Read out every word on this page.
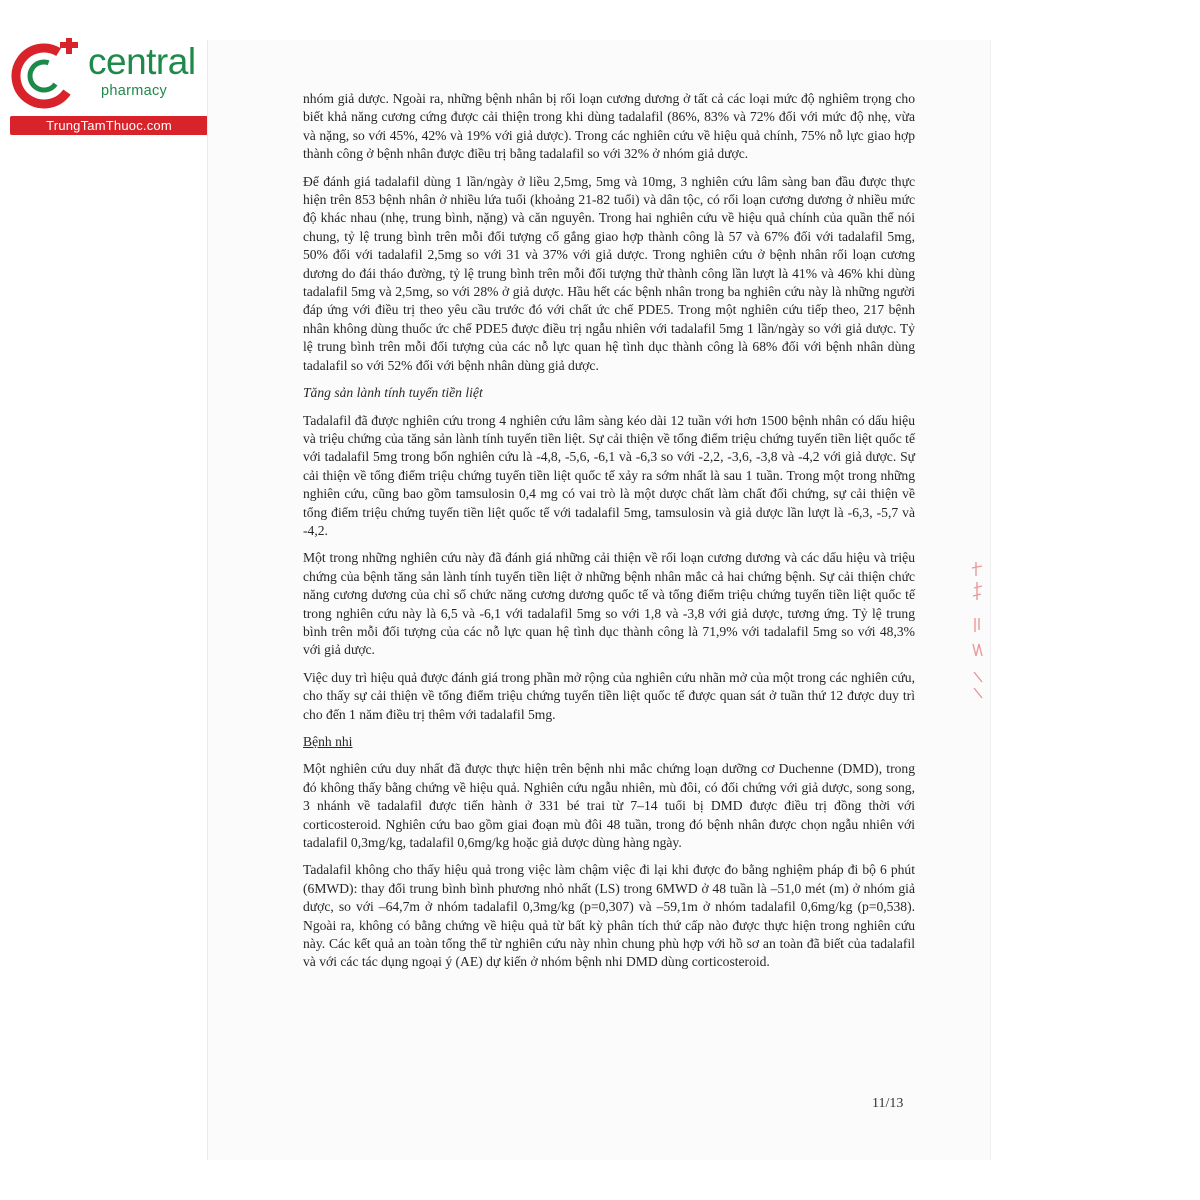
central
pharmacy
TrungTamThuoc.com

nhóm giả dược. Ngoài ra, những bệnh nhân bị rối loạn cương dương ở tất cả các loại mức độ nghiêm trọng cho biết khả năng cương cứng được cải thiện trong khi dùng tadalafil (86%, 83% và 72% đối với mức độ nhẹ, vừa và nặng, so với 45%, 42% và 19% với giả dược). Trong các nghiên cứu về hiệu quả chính, 75% nỗ lực giao hợp thành công ở bệnh nhân được điều trị bằng tadalafil so với 32% ở nhóm giả dược.

Để đánh giá tadalafil dùng 1 lần/ngày ở liều 2,5mg, 5mg và 10mg, 3 nghiên cứu lâm sàng ban đầu được thực hiện trên 853 bệnh nhân ở nhiều lứa tuổi (khoảng 21-82 tuổi) và dân tộc, có rối loạn cương dương ở nhiều mức độ khác nhau (nhẹ, trung bình, nặng) và căn nguyên. Trong hai nghiên cứu về hiệu quả chính của quần thể nói chung, tỷ lệ trung bình trên mỗi đối tượng cố gắng giao hợp thành công là 57 và 67% đối với tadalafil 5mg, 50% đối với tadalafil 2,5mg so với 31 và 37% với giả dược. Trong nghiên cứu ở bệnh nhân rối loạn cương dương do đái tháo đường, tỷ lệ trung bình trên mỗi đối tượng thử thành công lần lượt là 41% và 46% khi dùng tadalafil 5mg và 2,5mg, so với 28% ở giả dược. Hầu hết các bệnh nhân trong ba nghiên cứu này là những người đáp ứng với điều trị theo yêu cầu trước đó với chất ức chế PDE5. Trong một nghiên cứu tiếp theo, 217 bệnh nhân không dùng thuốc ức chế PDE5 được điều trị ngẫu nhiên với tadalafil 5mg 1 lần/ngày so với giả dược. Tỷ lệ trung bình trên mỗi đối tượng của các nỗ lực quan hệ tình dục thành công là 68% đối với bệnh nhân dùng tadalafil so với 52% đối với bệnh nhân dùng giả dược.

Tăng sản lành tính tuyến tiền liệt

Tadalafil đã được nghiên cứu trong 4 nghiên cứu lâm sàng kéo dài 12 tuần với hơn 1500 bệnh nhân có dấu hiệu và triệu chứng của tăng sản lành tính tuyến tiền liệt. Sự cải thiện về tổng điểm triệu chứng tuyến tiền liệt quốc tế với tadalafil 5mg trong bốn nghiên cứu là -4,8, -5,6, -6,1 và -6,3 so với -2,2, -3,6, -3,8 và -4,2 với giả dược. Sự cải thiện về tổng điểm triệu chứng tuyến tiền liệt quốc tế xảy ra sớm nhất là sau 1 tuần. Trong một trong những nghiên cứu, cũng bao gồm tamsulosin 0,4 mg có vai trò là một dược chất làm chất đối chứng, sự cải thiện về tổng điểm triệu chứng tuyến tiền liệt quốc tế với tadalafil 5mg, tamsulosin và giả dược lần lượt là -6,3, -5,7 và -4,2.

Một trong những nghiên cứu này đã đánh giá những cải thiện về rối loạn cương dương và các dấu hiệu và triệu chứng của bệnh tăng sản lành tính tuyến tiền liệt ở những bệnh nhân mắc cả hai chứng bệnh. Sự cải thiện chức năng cương dương của chỉ số chức năng cương dương quốc tế và tổng điểm triệu chứng tuyến tiền liệt quốc tế trong nghiên cứu này là 6,5 và -6,1 với tadalafil 5mg so với 1,8 và -3,8 với giả dược, tương ứng. Tỷ lệ trung bình trên mỗi đối tượng của các nỗ lực quan hệ tình dục thành công là 71,9% với tadalafil 5mg so với 48,3% với giả dược.

Việc duy trì hiệu quả được đánh giá trong phần mở rộng của nghiên cứu nhãn mở của một trong các nghiên cứu, cho thấy sự cải thiện về tổng điểm triệu chứng tuyến tiền liệt quốc tế được quan sát ở tuần thứ 12 được duy trì cho đến 1 năm điều trị thêm với tadalafil 5mg.

Bệnh nhi

Một nghiên cứu duy nhất đã được thực hiện trên bệnh nhi mắc chứng loạn dưỡng cơ Duchenne (DMD), trong đó không thấy bằng chứng về hiệu quả. Nghiên cứu ngẫu nhiên, mù đôi, có đối chứng với giả dược, song song, 3 nhánh về tadalafil được tiến hành ở 331 bé trai từ 7–14 tuổi bị DMD được điều trị đồng thời với corticosteroid. Nghiên cứu bao gồm giai đoạn mù đôi 48 tuần, trong đó bệnh nhân được chọn ngẫu nhiên với tadalafil 0,3mg/kg, tadalafil 0,6mg/kg hoặc giả dược dùng hàng ngày.

Tadalafil không cho thấy hiệu quả trong việc làm chậm việc đi lại khi được đo bằng nghiệm pháp đi bộ 6 phút (6MWD): thay đổi trung bình bình phương nhỏ nhất (LS) trong 6MWD ở 48 tuần là –51,0 mét (m) ở nhóm giả dược, so với –64,7m ở nhóm tadalafil 0,3mg/kg (p=0,307) và –59,1m ở nhóm tadalafil 0,6mg/kg (p=0,538). Ngoài ra, không có bằng chứng về hiệu quả từ bất kỳ phân tích thứ cấp nào được thực hiện trong nghiên cứu này. Các kết quả an toàn tổng thể từ nghiên cứu này nhìn chung phù hợp với hồ sơ an toàn đã biết của tadalafil và với các tác dụng ngoại ý (AE) dự kiến ở nhóm bệnh nhi DMD dùng corticosteroid.

11/13
